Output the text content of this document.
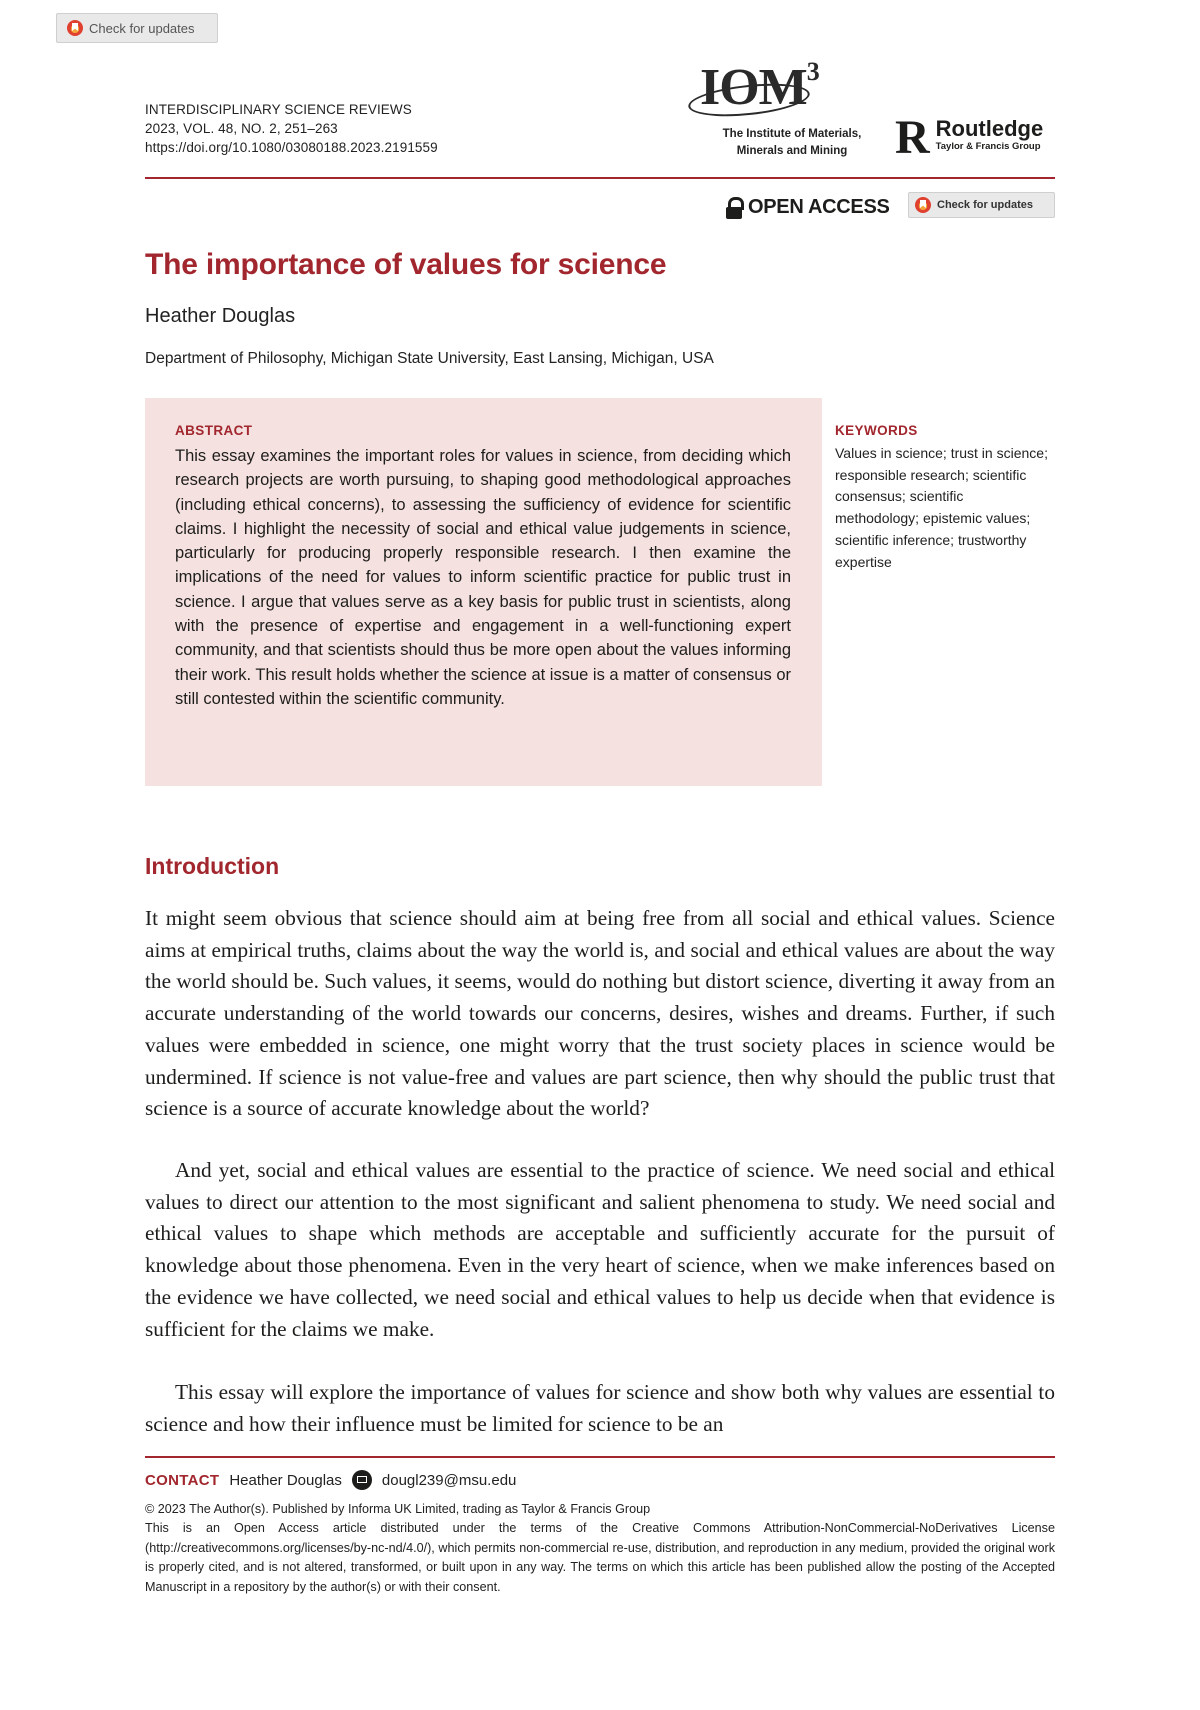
Check for updates
INTERDISCIPLINARY SCIENCE REVIEWS
2023, VOL. 48, NO. 2, 251–263
https://doi.org/10.1080/03080188.2023.2191559
IOM$^3$
The Institute of Materials,
Minerals and Mining R Routledge
Taylor & Francis Group
OPEN ACCESS	Check for updates
The importance of values for science
Heather Douglas
Department of Philosophy, Michigan State University, East Lansing, Michigan, USA
ABSTRACT
This essay examines the important roles for values in science, from deciding which research projects are worth pursuing, to shaping good methodological approaches (including ethical concerns), to assessing the sufficiency of evidence for scientific claims. I highlight the necessity of social and ethical value judgements in science, particularly for producing properly responsible research. I then examine the implications of the need for values to inform scientific practice for public trust in science. I argue that values serve as a key basis for public trust in scientists, along with the presence of expertise and engagement in a well-functioning expert community, and that scientists should thus be more open about the values informing their work. This result holds whether the science at issue is a matter of consensus or still contested within the scientific community.
KEYWORDS
Values in science; trust in science; responsible research; scientific consensus; scientific methodology; epistemic values; scientific inference; trustworthy expertise
Introduction
It might seem obvious that science should aim at being free from all social and ethical values. Science aims at empirical truths, claims about the way the world is, and social and ethical values are about the way the world should be. Such values, it seems, would do nothing but distort science, diverting it away from an accurate understanding of the world towards our concerns, desires, wishes and dreams. Further, if such values were embedded in science, one might worry that the trust society places in science would be undermined. If science is not value-free and values are part science, then why should the public trust that science is a source of accurate knowledge about the world?
And yet, social and ethical values are essential to the practice of science. We need social and ethical values to direct our attention to the most significant and salient phenomena to study. We need social and ethical values to shape which methods are acceptable and sufficiently accurate for the pursuit of knowledge about those phenomena. Even in the very heart of science, when we make inferences based on the evidence we have collected, we need social and ethical values to help us decide when that evidence is sufficient for the claims we make.
This essay will explore the importance of values for science and show both why values are essential to science and how their influence must be limited for science to be an
CONTACT Heather Douglas	dougl239@msu.edu
© 2023 The Author(s). Published by Informa UK Limited, trading as Taylor & Francis Group
This is an Open Access article distributed under the terms of the Creative Commons Attribution-NonCommercial-NoDerivatives License (http://creativecommons.org/licenses/by-nc-nd/4.0/), which permits non-commercial re-use, distribution, and reproduction in any medium, provided the original work is properly cited, and is not altered, transformed, or built upon in any way. The terms on which this article has been published allow the posting of the Accepted Manuscript in a repository by the author(s) or with their consent.
